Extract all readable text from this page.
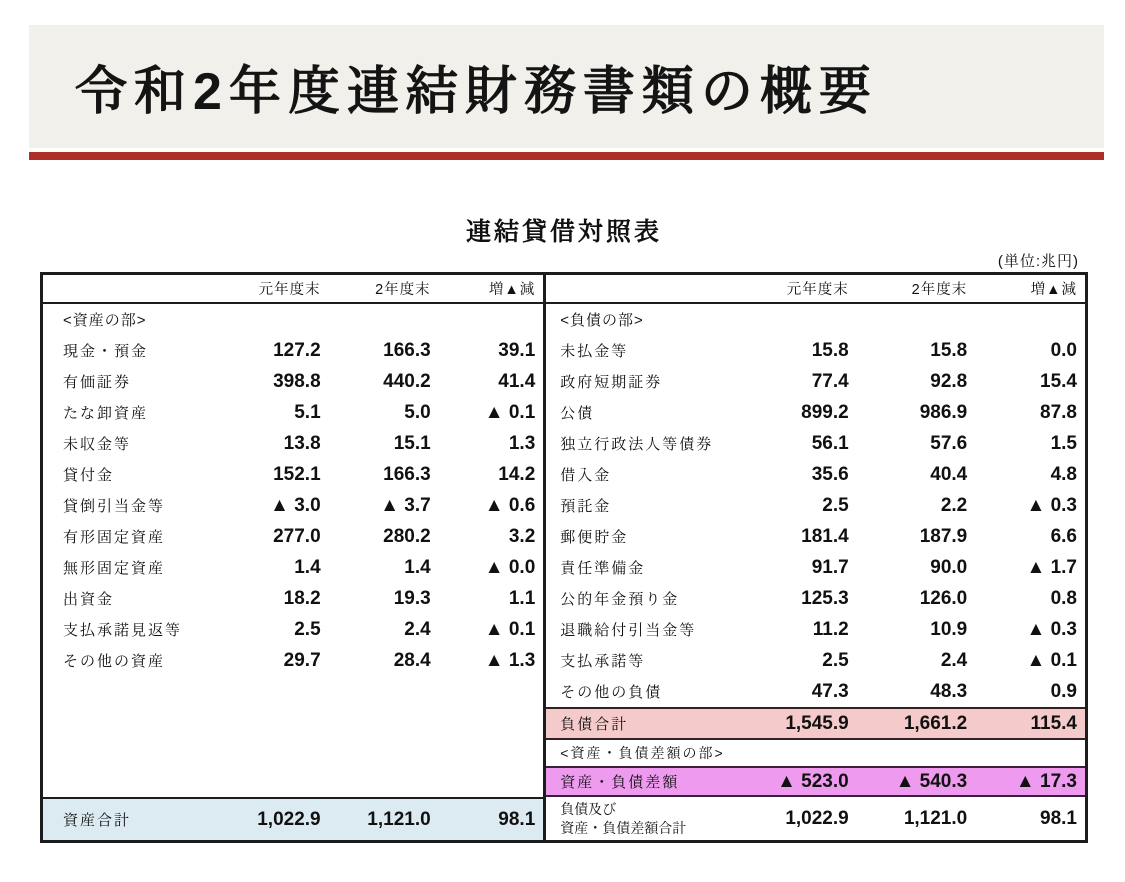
令和2年度連結財務書類の概要
連結貸借対照表
(単位:兆円)
元年度末	2年度末	増▲減
<資産の部>
現金・預金	127.2	166.3	39.1
有価証券	398.8	440.2	41.4
たな卸資産	5.1	5.0	▲ 0.1
未収金等	13.8	15.1	1.3
貸付金	152.1	166.3	14.2
貸倒引当金等	▲ 3.0	▲ 3.7	▲ 0.6
有形固定資産	277.0	280.2	3.2
無形固定資産	1.4	1.4	▲ 0.0
出資金	18.2	19.3	1.1
支払承諾見返等	2.5	2.4	▲ 0.1
その他の資産	29.7	28.4	▲ 1.3
資産合計	1,022.9	1,121.0	98.1
元年度末	2年度末	増▲減
<負債の部>
未払金等	15.8	15.8	0.0
政府短期証券	77.4	92.8	15.4
公債	899.2	986.9	87.8
独立行政法人等債券	56.1	57.6	1.5
借入金	35.6	40.4	4.8
預託金	2.5	2.2	▲ 0.3
郵便貯金	181.4	187.9	6.6
責任準備金	91.7	90.0	▲ 1.7
公的年金預り金	125.3	126.0	0.8
退職給付引当金等	11.2	10.9	▲ 0.3
支払承諾等	2.5	2.4	▲ 0.1
その他の負債	47.3	48.3	0.9
負債合計	1,545.9	1,661.2	115.4
<資産・負債差額の部>
資産・負債差額	▲ 523.0	▲ 540.3	▲ 17.3
負債及び
資産・負債差額合計	1,022.9	1,121.0	98.1
